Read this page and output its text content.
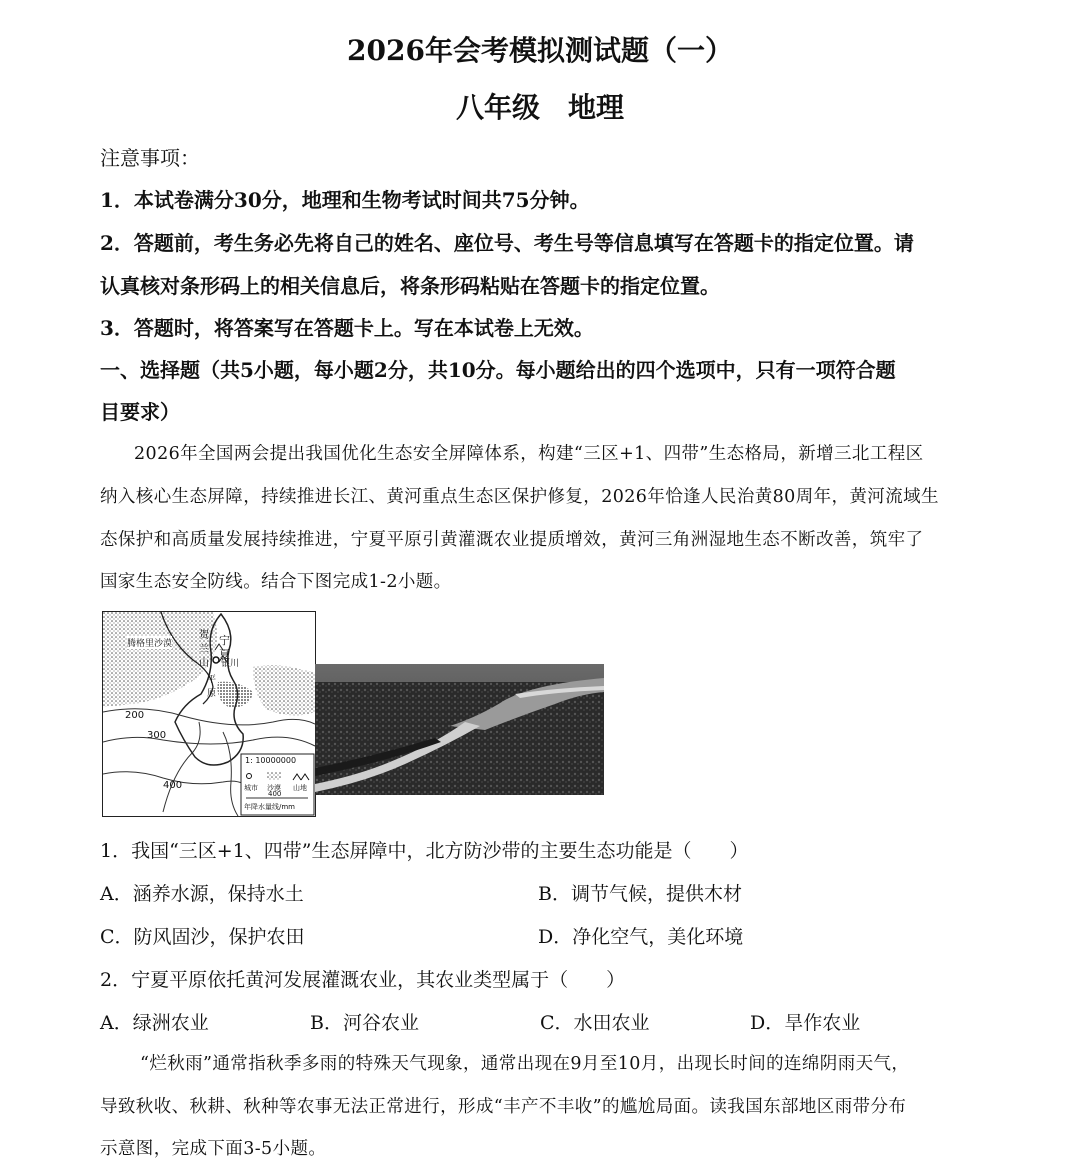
2026年会考模拟测试题（一）
八年级　地理
注意事项：
1．本试卷满分30分，地理和生物考试时间共75分钟。
2．答题前，考生务必先将自己的姓名、座位号、考生号等信息填写在答题卡的指定位置。请
认真核对条形码上的相关信息后，将条形码粘贴在答题卡的指定位置。
3．答题时，将答案写在答题卡上。写在本试卷上无效。
一、选择题（共5小题，每小题2分，共10分。每小题给出的四个选项中，只有一项符合题
目要求）
2026年全国两会提出我国优化生态安全屏障体系，构建“三区+1、四带”生态格局，新增三北工程区
纳入核心生态屏障，持续推进长江、黄河重点生态区保护修复，2026年恰逢人民治黄80周年，黄河流域生
态保护和高质量发展持续推进，宁夏平原引黄灌溉农业提质增效，黄河三角洲湿地生态不断改善，筑牢了
国家生态安全防线。结合下图完成1-2小题。
腾格里沙漠
贺
兰
山
宁
夏
银川
平
原
200
300
400
1: 10000000
城市 沙漠 山地
400
年降水量线/mm
1．我国“三区+1、四带”生态屏障中，北方防沙带的主要生态功能是（　　）
A．涵养水源，保持水土	B．调节气候，提供木材
C．防风固沙，保护农田	D．净化空气，美化环境
2．宁夏平原依托黄河发展灌溉农业，其农业类型属于（　　）
A．绿洲农业	B．河谷农业	C．水田农业	D．旱作农业
“烂秋雨”通常指秋季多雨的特殊天气现象，通常出现在9月至10月，出现长时间的连绵阴雨天气，
导致秋收、秋耕、秋种等农事无法正常进行，形成“丰产不丰收”的尴尬局面。读我国东部地区雨带分布
示意图，完成下面3-5小题。
